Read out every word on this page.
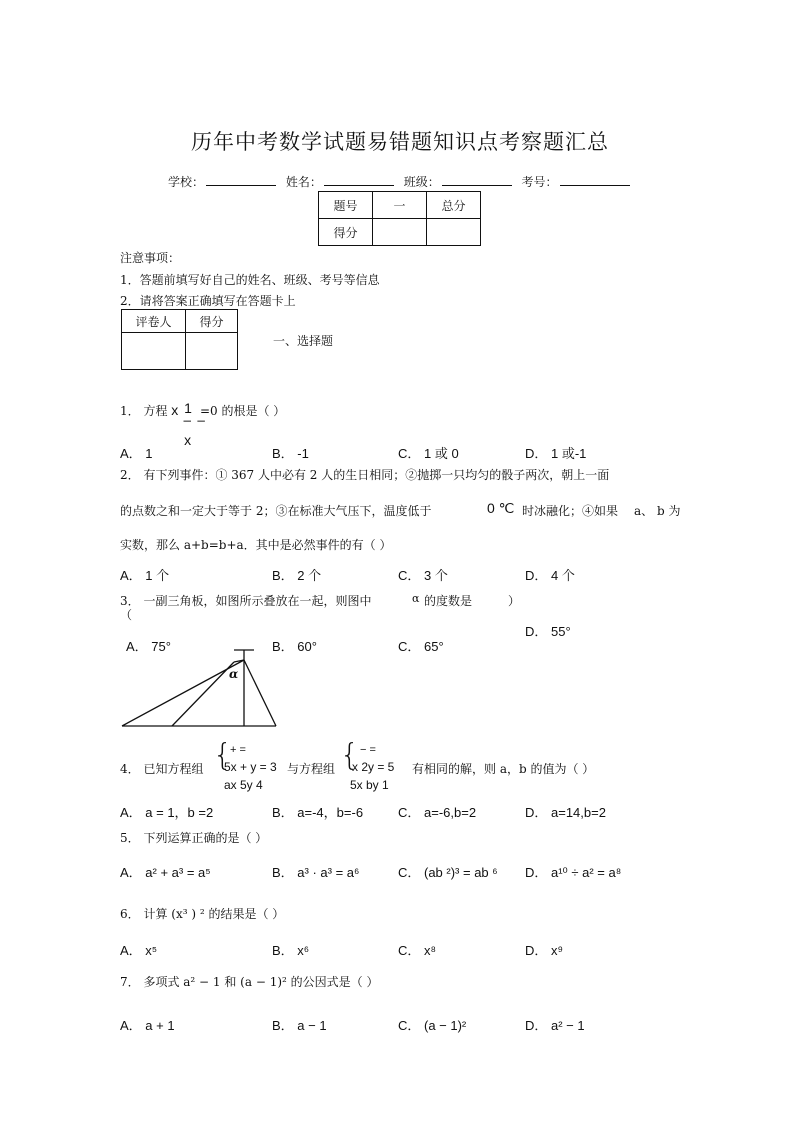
历年中考数学试题易错题知识点考察题汇总
学校：	姓名：	班级：	考号：
题号	一	总分
得分		
注意事项：
1．答题前填写好自己的姓名、班级、考号等信息
2．请将答案正确填写在答题卡上
评卷人	得分

一、选择题
1． 方程 x 1
− −
x
=0 的根是（ ）
A． 1	B． -1	C． 1 或 0	D． 1 或-1
2． 有下列事件：① 367 人中必有 2 人的生日相同；②抛掷一只均匀的骰子两次，朝上一面
的点数之和一定大于等于 2；③在标准大气压下，温度低于	0 ℃ 时冰融化；④如果 a、 b 为
实数，那么 a+b=b+a．其中是必然事件的有（ ）
A． 1 个	B． 2 个	C． 3 个	D． 4 个
3． 一副三角板，如图所示叠放在一起，则图中	α 的度数是	）
（
D． 55°
A． 75°	B． 60°	C． 65°
α
4． 已知方程组 {
+ =
5x + y = 3
ax 5y 4
与方程组 { − =
x 2y = 5
5x by 1
有相同的解，则 a，b 的值为（ ）
A． a = 1，b =2	B． a=-4，b=-6	C． a=-6,b=2	D． a=14,b=2
5． 下列运算正确的是（ ）
A． a² + a³ = a⁵	B． a³ · a³ = a⁶	C． (ab ²)³ = ab ⁶ D． a¹⁰ ÷ a² = a⁸
6． 计算 (x³ ) ² 的结果是（ ）
A． x⁵	B． x⁶	C． x⁸	D． x⁹
7． 多项式 a² − 1 和 (a − 1)² 的公因式是（ ）
A． a + 1	B． a − 1	C． (a − 1)²	D． a² − 1
